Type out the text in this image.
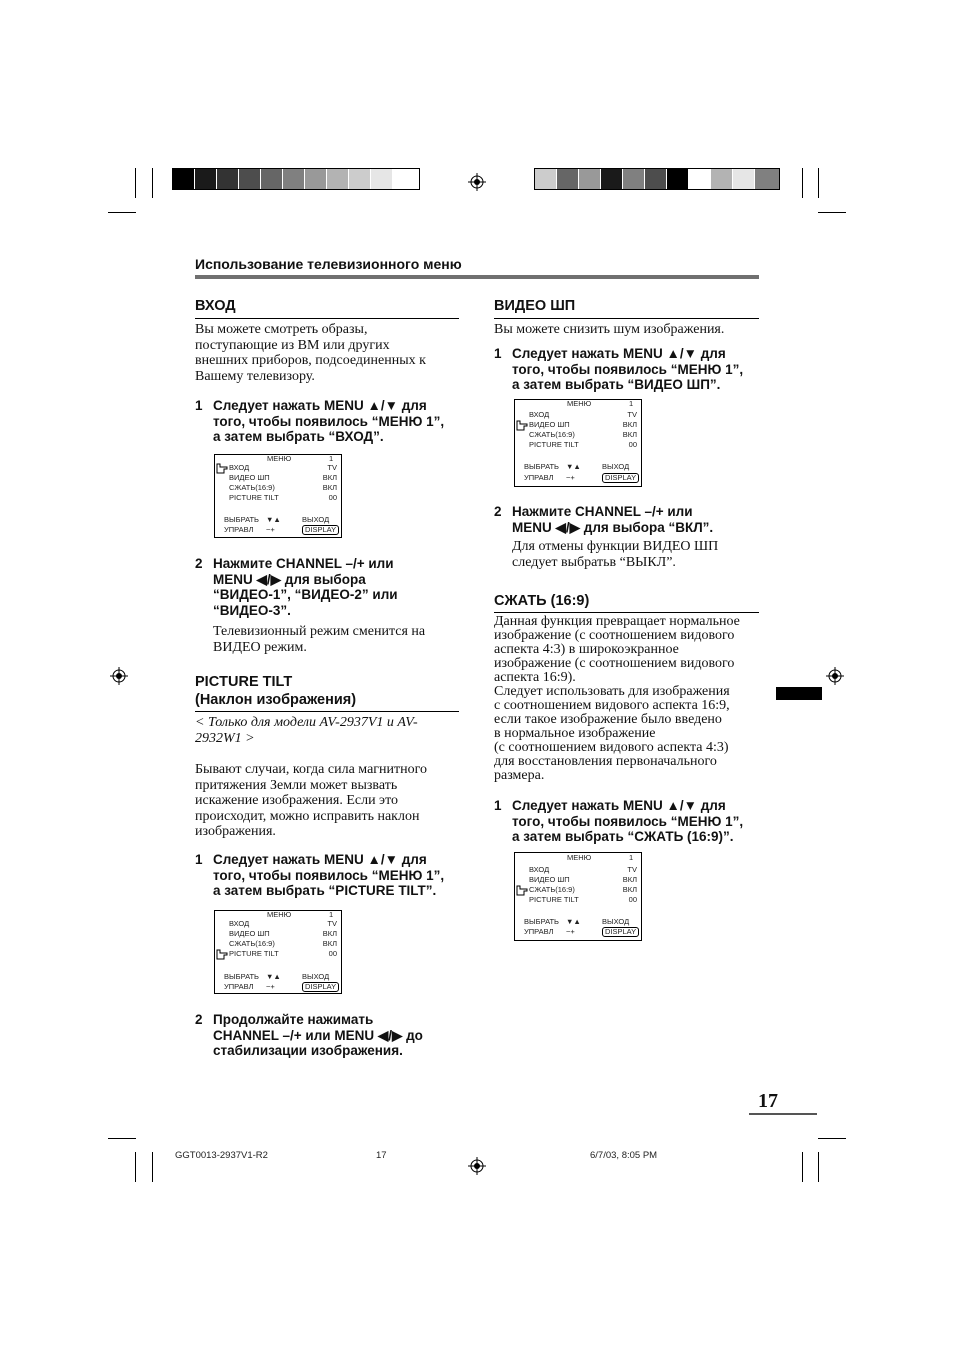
Использование телевизионного меню
ВХОД
Вы можете смотреть образы,
поступающие из ВМ или других
внешних приборов, подсоединенных к
Вашему телевизору.
1 Следует нажать MENU ▲/▼ для
того, чтобы появилось “МЕНЮ 1”,
а затем выбрать “ВХОД”.
МЕНЮ	1
ВХОД	TV
ВИДЕО ШП	ВКЛ
СЖАТЬ(16:9)	ВКЛ
PICTURE TILT	00
ВЫБРАТЬ ▼▲	ВЫХОД
УПРАВЛ −+	DISPLAY
2 Нажмите CHANNEL –/+ или
MENU ◀/▶ для выбора
“ВИДЕО-1”, “ВИДЕО-2” или
“ВИДЕО-3”.
Телевизионный режим сменится на
ВИДЕО режим.
PICTURE TILT
(Наклон изображения)
< Только для модели AV-2937V1 и AV-
2932W1 >
Бывают случаи, когда сила магнитного
притяжения Земли может вызвать
искажение изображения. Если это
происходит, можно исправить наклон
изображения.
1 Следует нажать MENU ▲/▼ для
того, чтобы появилось “МЕНЮ 1”,
а затем выбрать “PICTURE TILT”.
МЕНЮ	1
ВХОД	TV
ВИДЕО ШП	ВКЛ
СЖАТЬ(16:9)	ВКЛ
PICTURE TILT	00
ВЫБРАТЬ ▼▲	ВЫХОД
УПРАВЛ −+	DISPLAY
2 Продолжайте нажимать
CHANNEL –/+ или MENU ◀/▶ до
стабилизации изображения.
ВИДЕО ШП
Вы можете снизить шум изображения.
1 Следует нажать MENU ▲/▼ для
того, чтобы появилось “МЕНЮ 1”,
а затем выбрать “ВИДЕО ШП”.
МЕНЮ	1
ВХОД	TV
ВИДЕО ШП	ВКЛ
СЖАТЬ(16:9)	ВКЛ
PICTURE TILT	00
ВЫБРАТЬ ▼▲	ВЫХОД
УПРАВЛ −+	DISPLAY
2 Нажмите CHANNEL –/+ или
MENU ◀/▶ для выбора “ВКЛ”.
Для отмены функции ВИДЕО ШП
следует выбратьв “ВЫКЛ”.
СЖАТЬ (16:9)
Данная функция превращает нормальное
изображение (с соотношением видового
аспекта 4:3) в широкоэкранное
изображение (с соотношением видового
аспекта 16:9).
Следует использовать для изображения
с соотношением видового аспекта 16:9,
если такое изображение было введено
в нормальное изображение
(с соотношением видового аспекта 4:3)
для восстановления первоначального
размера.
1 Следует нажать MENU ▲/▼ для
того, чтобы появилось “МЕНЮ 1”,
а затем выбрать “СЖАТЬ (16:9)”.
МЕНЮ	1
ВХОД	TV
ВИДЕО ШП	ВКЛ
СЖАТЬ(16:9)	ВКЛ
PICTURE TILT	00
ВЫБРАТЬ ▼▲	ВЫХОД
УПРАВЛ −+	DISPLAY
17
GGT0013-2937V1-R2	17	6/7/03, 8:05 PM
